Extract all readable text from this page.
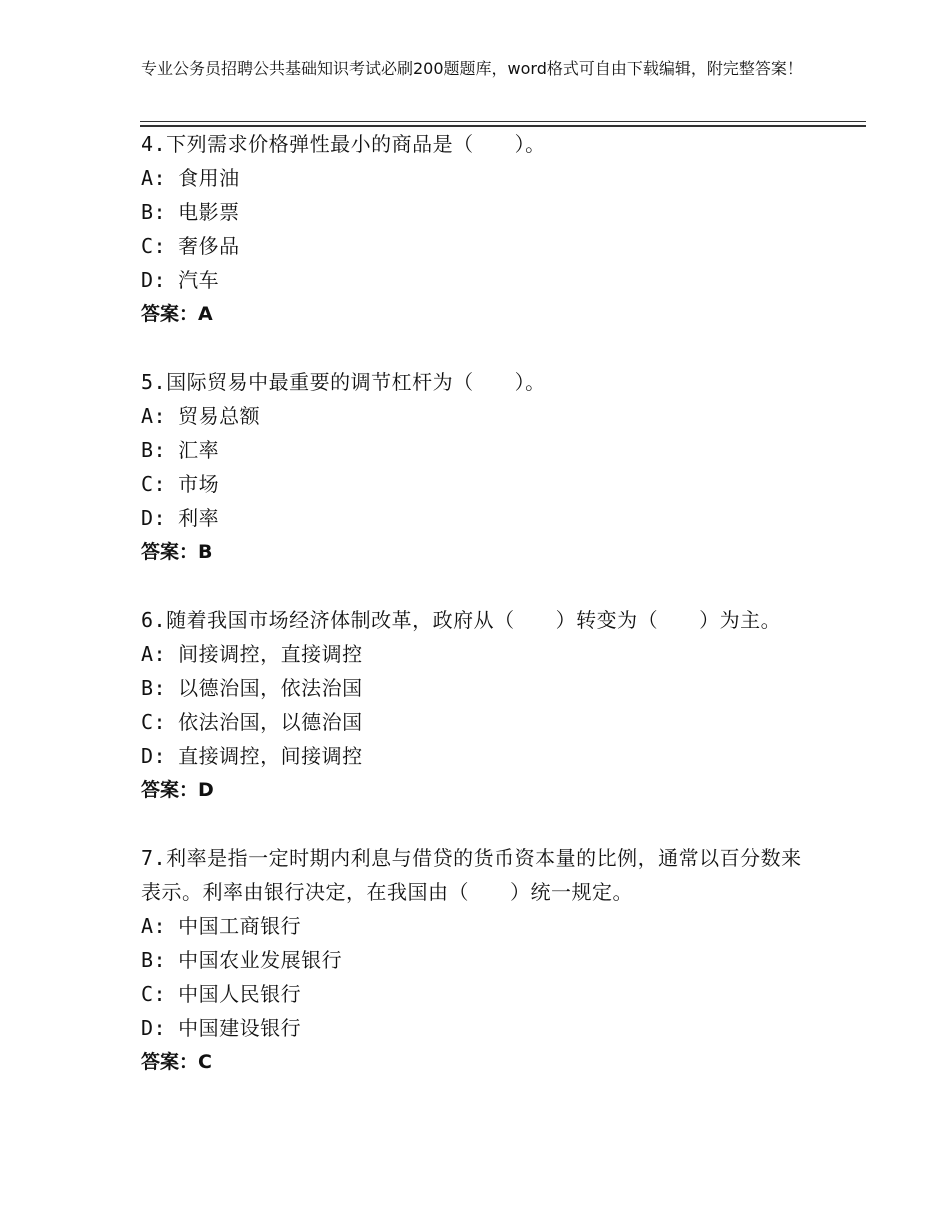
专业公务员招聘公共基础知识考试必刷200题题库，word格式可自由下载编辑，附完整答案！
4.下列需求价格弹性最小的商品是（　　）。
A: 食用油
B: 电影票
C: 奢侈品
D: 汽车
答案：A
5.国际贸易中最重要的调节杠杆为（　　）。
A: 贸易总额
B: 汇率
C: 市场
D: 利率
答案：B
6.随着我国市场经济体制改革，政府从（　　）转变为（　　）为主。
A: 间接调控，直接调控
B: 以德治国，依法治国
C: 依法治国，以德治国
D: 直接调控，间接调控
答案：D
7.利率是指一定时期内利息与借贷的货币资本量的比例，通常以百分数来表示。利率由银行决定，在我国由（　　）统一规定。
A: 中国工商银行
B: 中国农业发展银行
C: 中国人民银行
D: 中国建设银行
答案：C
